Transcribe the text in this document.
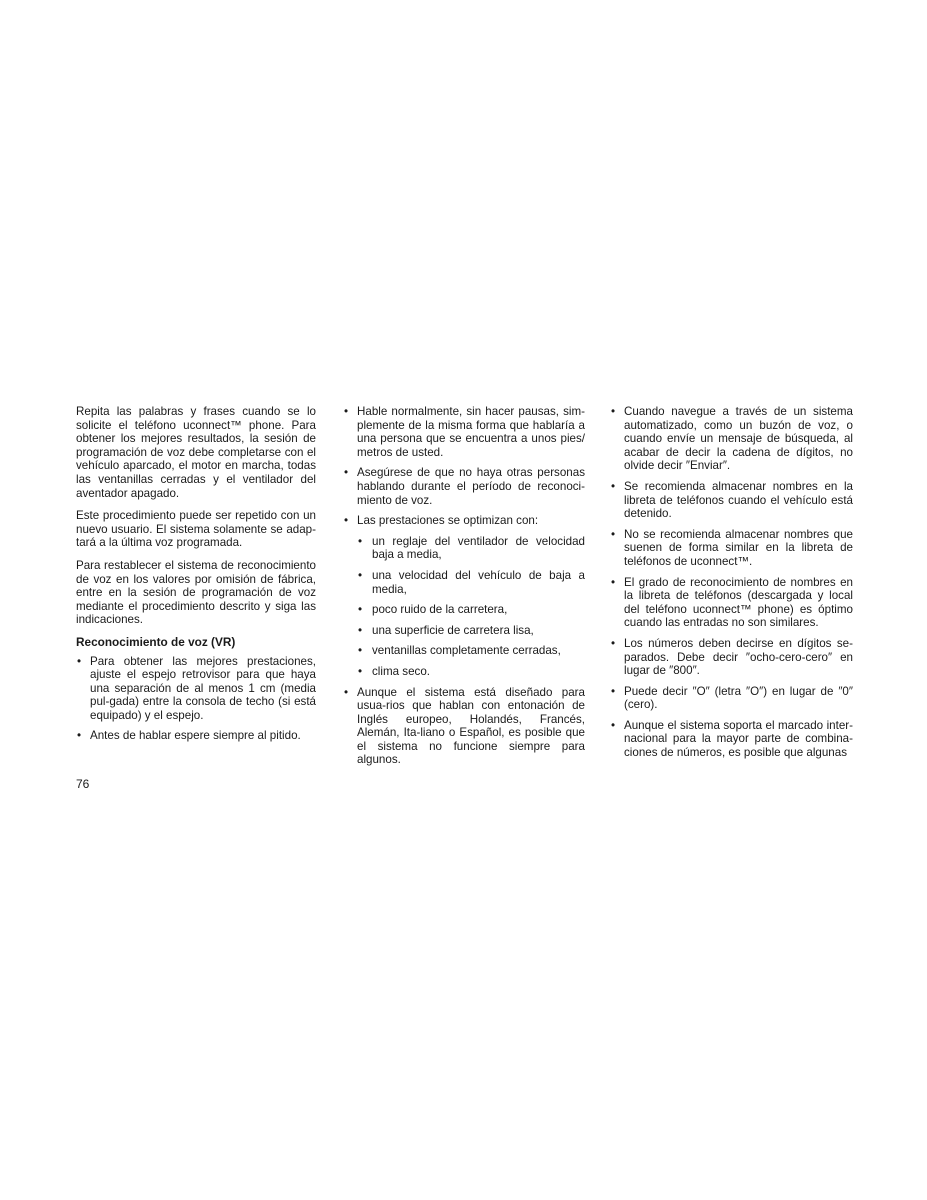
Repita las palabras y frases cuando se lo solicite el teléfono uconnect™ phone. Para obtener los mejores resultados, la sesión de programación de voz debe completarse con el vehículo aparcado, el motor en marcha, todas las ventanillas cerradas y el ventilador del aventador apagado.

Este procedimiento puede ser repetido con un nuevo usuario. El sistema solamente se adap-tará a la última voz programada.

Para restablecer el sistema de reconocimiento de voz en los valores por omisión de fábrica, entre en la sesión de programación de voz mediante el procedimiento descrito y siga las indicaciones.

Reconocimiento de voz (VR)

• Para obtener las mejores prestaciones, ajuste el espejo retrovisor para que haya una separación de al menos 1 cm (media pul-gada) entre la consola de techo (si está equipado) y el espejo.
• Antes de hablar espere siempre al pitido.
• Hable normalmente, sin hacer pausas, sim-plemente de la misma forma que hablaría a una persona que se encuentra a unos pies/ metros de usted.
• Asegúrese de que no haya otras personas hablando durante el período de reconoci-miento de voz.
• Las prestaciones se optimizan con:
• un reglaje del ventilador de velocidad baja a media,
• una velocidad del vehículo de baja a media,
• poco ruido de la carretera,
• una superficie de carretera lisa,
• ventanillas completamente cerradas,
• clima seco.
• Aunque el sistema está diseñado para usua-rios que hablan con entonación de Inglés europeo, Holandés, Francés, Alemán, Ita-liano o Español, es posible que el sistema no funcione siempre para algunos.
• Cuando navegue a través de un sistema automatizado, como un buzón de voz, o cuando envíe un mensaje de búsqueda, al acabar de decir la cadena de dígitos, no olvide decir ″Enviar″.
• Se recomienda almacenar nombres en la libreta de teléfonos cuando el vehículo está detenido.
• No se recomienda almacenar nombres que suenen de forma similar en la libreta de teléfonos de uconnect™.
• El grado de reconocimiento de nombres en la libreta de teléfonos (descargada y local del teléfono uconnect™ phone) es óptimo cuando las entradas no son similares.
• Los números deben decirse en dígitos se-parados. Debe decir ″ocho-cero-cero″ en lugar de ″800″.
• Puede decir ″O″ (letra ″O″) en lugar de ″0″ (cero).
• Aunque el sistema soporta el marcado inter-nacional para la mayor parte de combina-ciones de números, es posible que algunas
76
